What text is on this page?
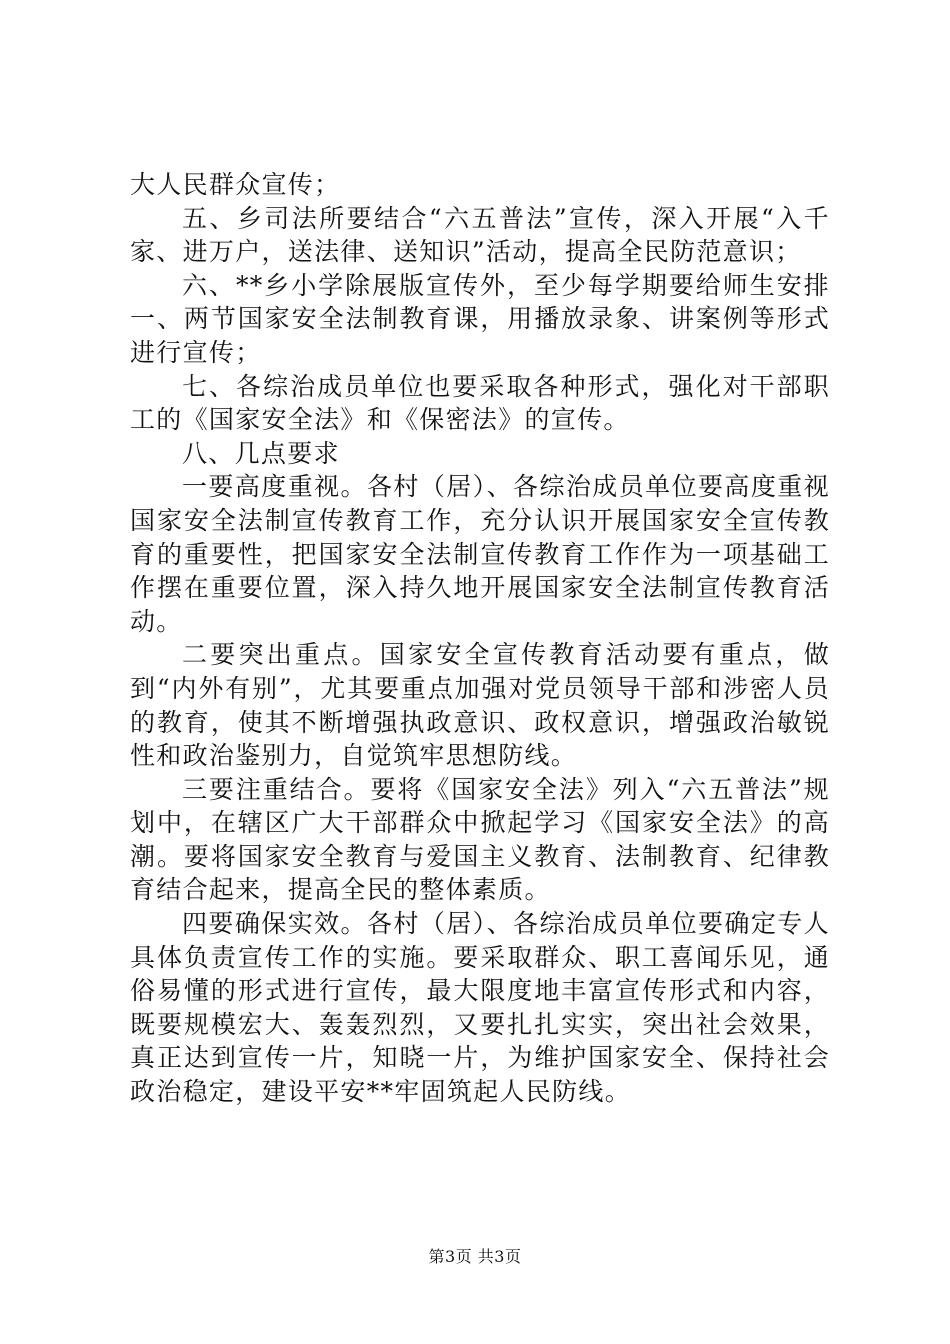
大人民群众宣传；

五、乡司法所要结合“六五普法”宣传，深入开展“入千家、进万户，送法律、送知识”活动，提高全民防范意识；

六、**乡小学除展版宣传外，至少每学期要给师生安排一、两节国家安全法制教育课，用播放录象、讲案例等形式进行宣传；

七、各综治成员单位也要采取各种形式，强化对干部职工的《国家安全法》和《保密法》的宣传。

八、几点要求

一要高度重视。各村（居）、各综治成员单位要高度重视国家安全法制宣传教育工作，充分认识开展国家安全宣传教育的重要性，把国家安全法制宣传教育工作作为一项基础工作摆在重要位置，深入持久地开展国家安全法制宣传教育活动。

二要突出重点。国家安全宣传教育活动要有重点，做到“内外有别”，尤其要重点加强对党员领导干部和涉密人员的教育，使其不断增强执政意识、政权意识，增强政治敏锐性和政治鉴别力，自觉筑牢思想防线。

三要注重结合。要将《国家安全法》列入“六五普法”规划中，在辖区广大干部群众中掀起学习《国家安全法》的高潮。要将国家安全教育与爱国主义教育、法制教育、纪律教育结合起来，提高全民的整体素质。

四要确保实效。各村（居）、各综治成员单位要确定专人具体负责宣传工作的实施。要采取群众、职工喜闻乐见，通俗易懂的形式进行宣传，最大限度地丰富宣传形式和内容，既要规模宏大、轰轰烈烈，又要扎扎实实，突出社会效果，真正达到宣传一片，知晓一片，为维护国家安全、保持社会政治稳定，建设平安**牢固筑起人民防线。

第3页 共3页
